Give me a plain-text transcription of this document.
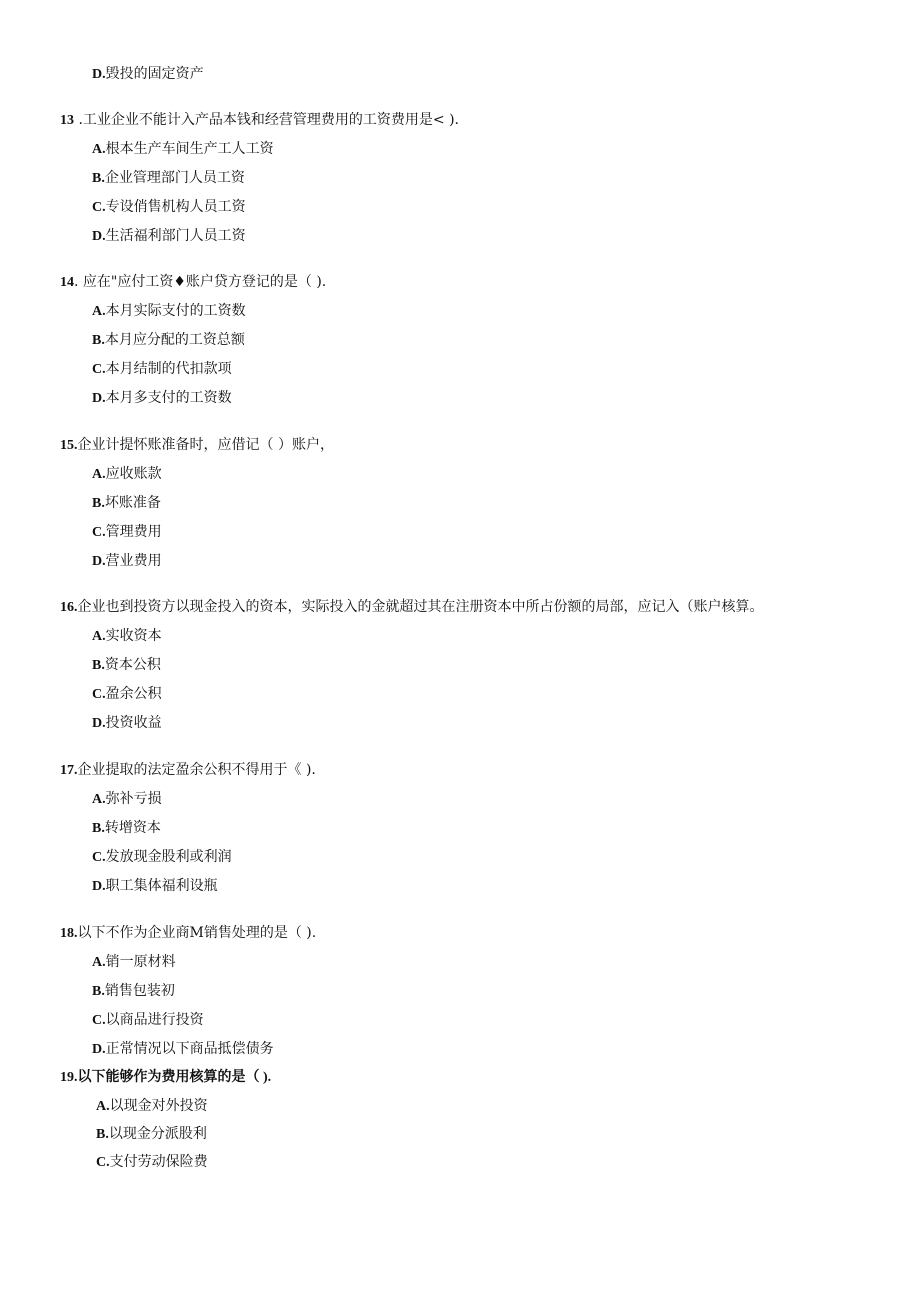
D.毁投的固定资产
13 .工业企业不能计入产品本钱和经营管理费用的工资费用是< ).
A.根本生产车间生产工人工资
B.企业管理部门人员工资
C.专设俏售机构人员工资
D.生活福利部门人员工资
14. 应在"应付工资♦账户贷方登记的是（ ).
A.本月实际支付的工资数
B.本月应分配的工资总额
C.本月结制的代扣款项
D.本月多支付的工资数
15.企业计提怀账准备时，应借记（ ）账户，
A.应收账款
B.坏账准备
C.管理费用
D.营业费用
16.企业也到投资方以现金投入的资本，实际投入的金就超过其在注册资本中所占份额的局部，应记入（账户核算。
A.实收资本
B.资本公积
C.盈余公积
D.投资收益
17.企业提取的法定盈余公积不得用于《 ).
A.弥补亏损
B.转增资本
C.发放现金股利或利润
D.职工集体福利设瓶
18.以下不作为企业商M销售处理的是（ ).
A.销一原材料
B.销售包装初
C.以商品进行投资
D.正常情况以下商品抵偿债务
19.以下能够作为费用核算的是（ ).
A.以现金对外投资
B.以现金分派股利
C.支付劳动保险费
